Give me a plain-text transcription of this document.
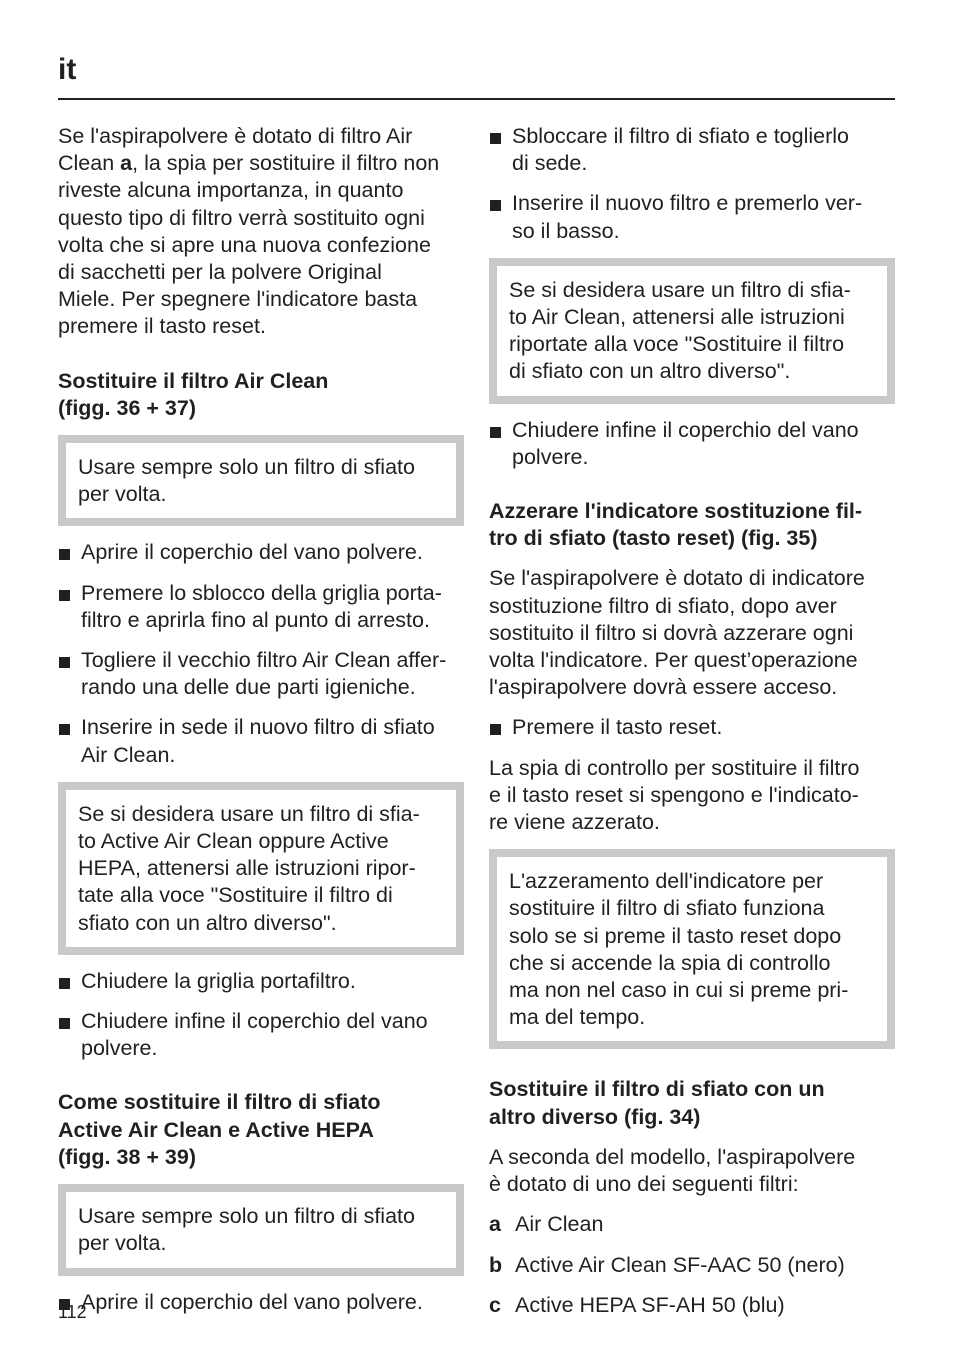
it

Se l'aspirapolvere è dotato di filtro Air
Clean a, la spia per sostituire il filtro non
riveste alcuna importanza, in quanto
questo tipo di filtro verrà sostituito ogni
volta che si apre una nuova confezione
di sacchetti per la polvere Original
Miele. Per spegnere l'indicatore basta
premere il tasto reset.

Sostituire il filtro Air Clean
(figg. 36 + 37)
Usare sempre solo un filtro di sfiato
per volta.
Aprire il coperchio del vano polvere.
Premere lo sblocco della griglia porta-
filtro e aprirla fino al punto di arresto.
Togliere il vecchio filtro Air Clean affer-
rando una delle due parti igieniche.
Inserire in sede il nuovo filtro di sfiato
Air Clean.
Se si desidera usare un filtro di sfia-
to Active Air Clean oppure Active
HEPA, attenersi alle istruzioni ripor-
tate alla voce "Sostituire il filtro di
sfiato con un altro diverso".
Chiudere la griglia portafiltro.
Chiudere infine il coperchio del vano
polvere.
Come sostituire il filtro di sfiato
Active Air Clean e Active HEPA
(figg. 38 + 39)
Usare sempre solo un filtro di sfiato
per volta.
Aprire il coperchio del vano polvere.
Sbloccare il filtro di sfiato e toglierlo
di sede.
Inserire il nuovo filtro e premerlo ver-
so il basso.
Se si desidera usare un filtro di sfia-
to Air Clean, attenersi alle istruzioni
riportate alla voce "Sostituire il filtro
di sfiato con un altro diverso".
Chiudere infine il coperchio del vano
polvere.
Azzerare l'indicatore sostituzione fil-
tro di sfiato (tasto reset) (fig. 35)

Se l'aspirapolvere è dotato di indicatore
sostituzione filtro di sfiato, dopo aver
sostituito il filtro si dovrà azzerare ogni
volta l'indicatore. Per quest’operazione
l'aspirapolvere dovrà essere acceso.

Premere il tasto reset.

La spia di controllo per sostituire il filtro
e il tasto reset si spengono e l'indicato-
re viene azzerato.

L'azzeramento dell'indicatore per
sostituire il filtro di sfiato funziona
solo se si preme il tasto reset dopo
che si accende la spia di controllo
ma non nel caso in cui si preme pri-
ma del tempo.
Sostituire il filtro di sfiato con un
altro diverso (fig. 34)

A seconda del modello, l'aspirapolvere
è dotato di uno dei seguenti filtri:

a Air Clean
b Active Air Clean SF-AAC 50 (nero)
c Active HEPA SF-AH 50 (blu)
112
